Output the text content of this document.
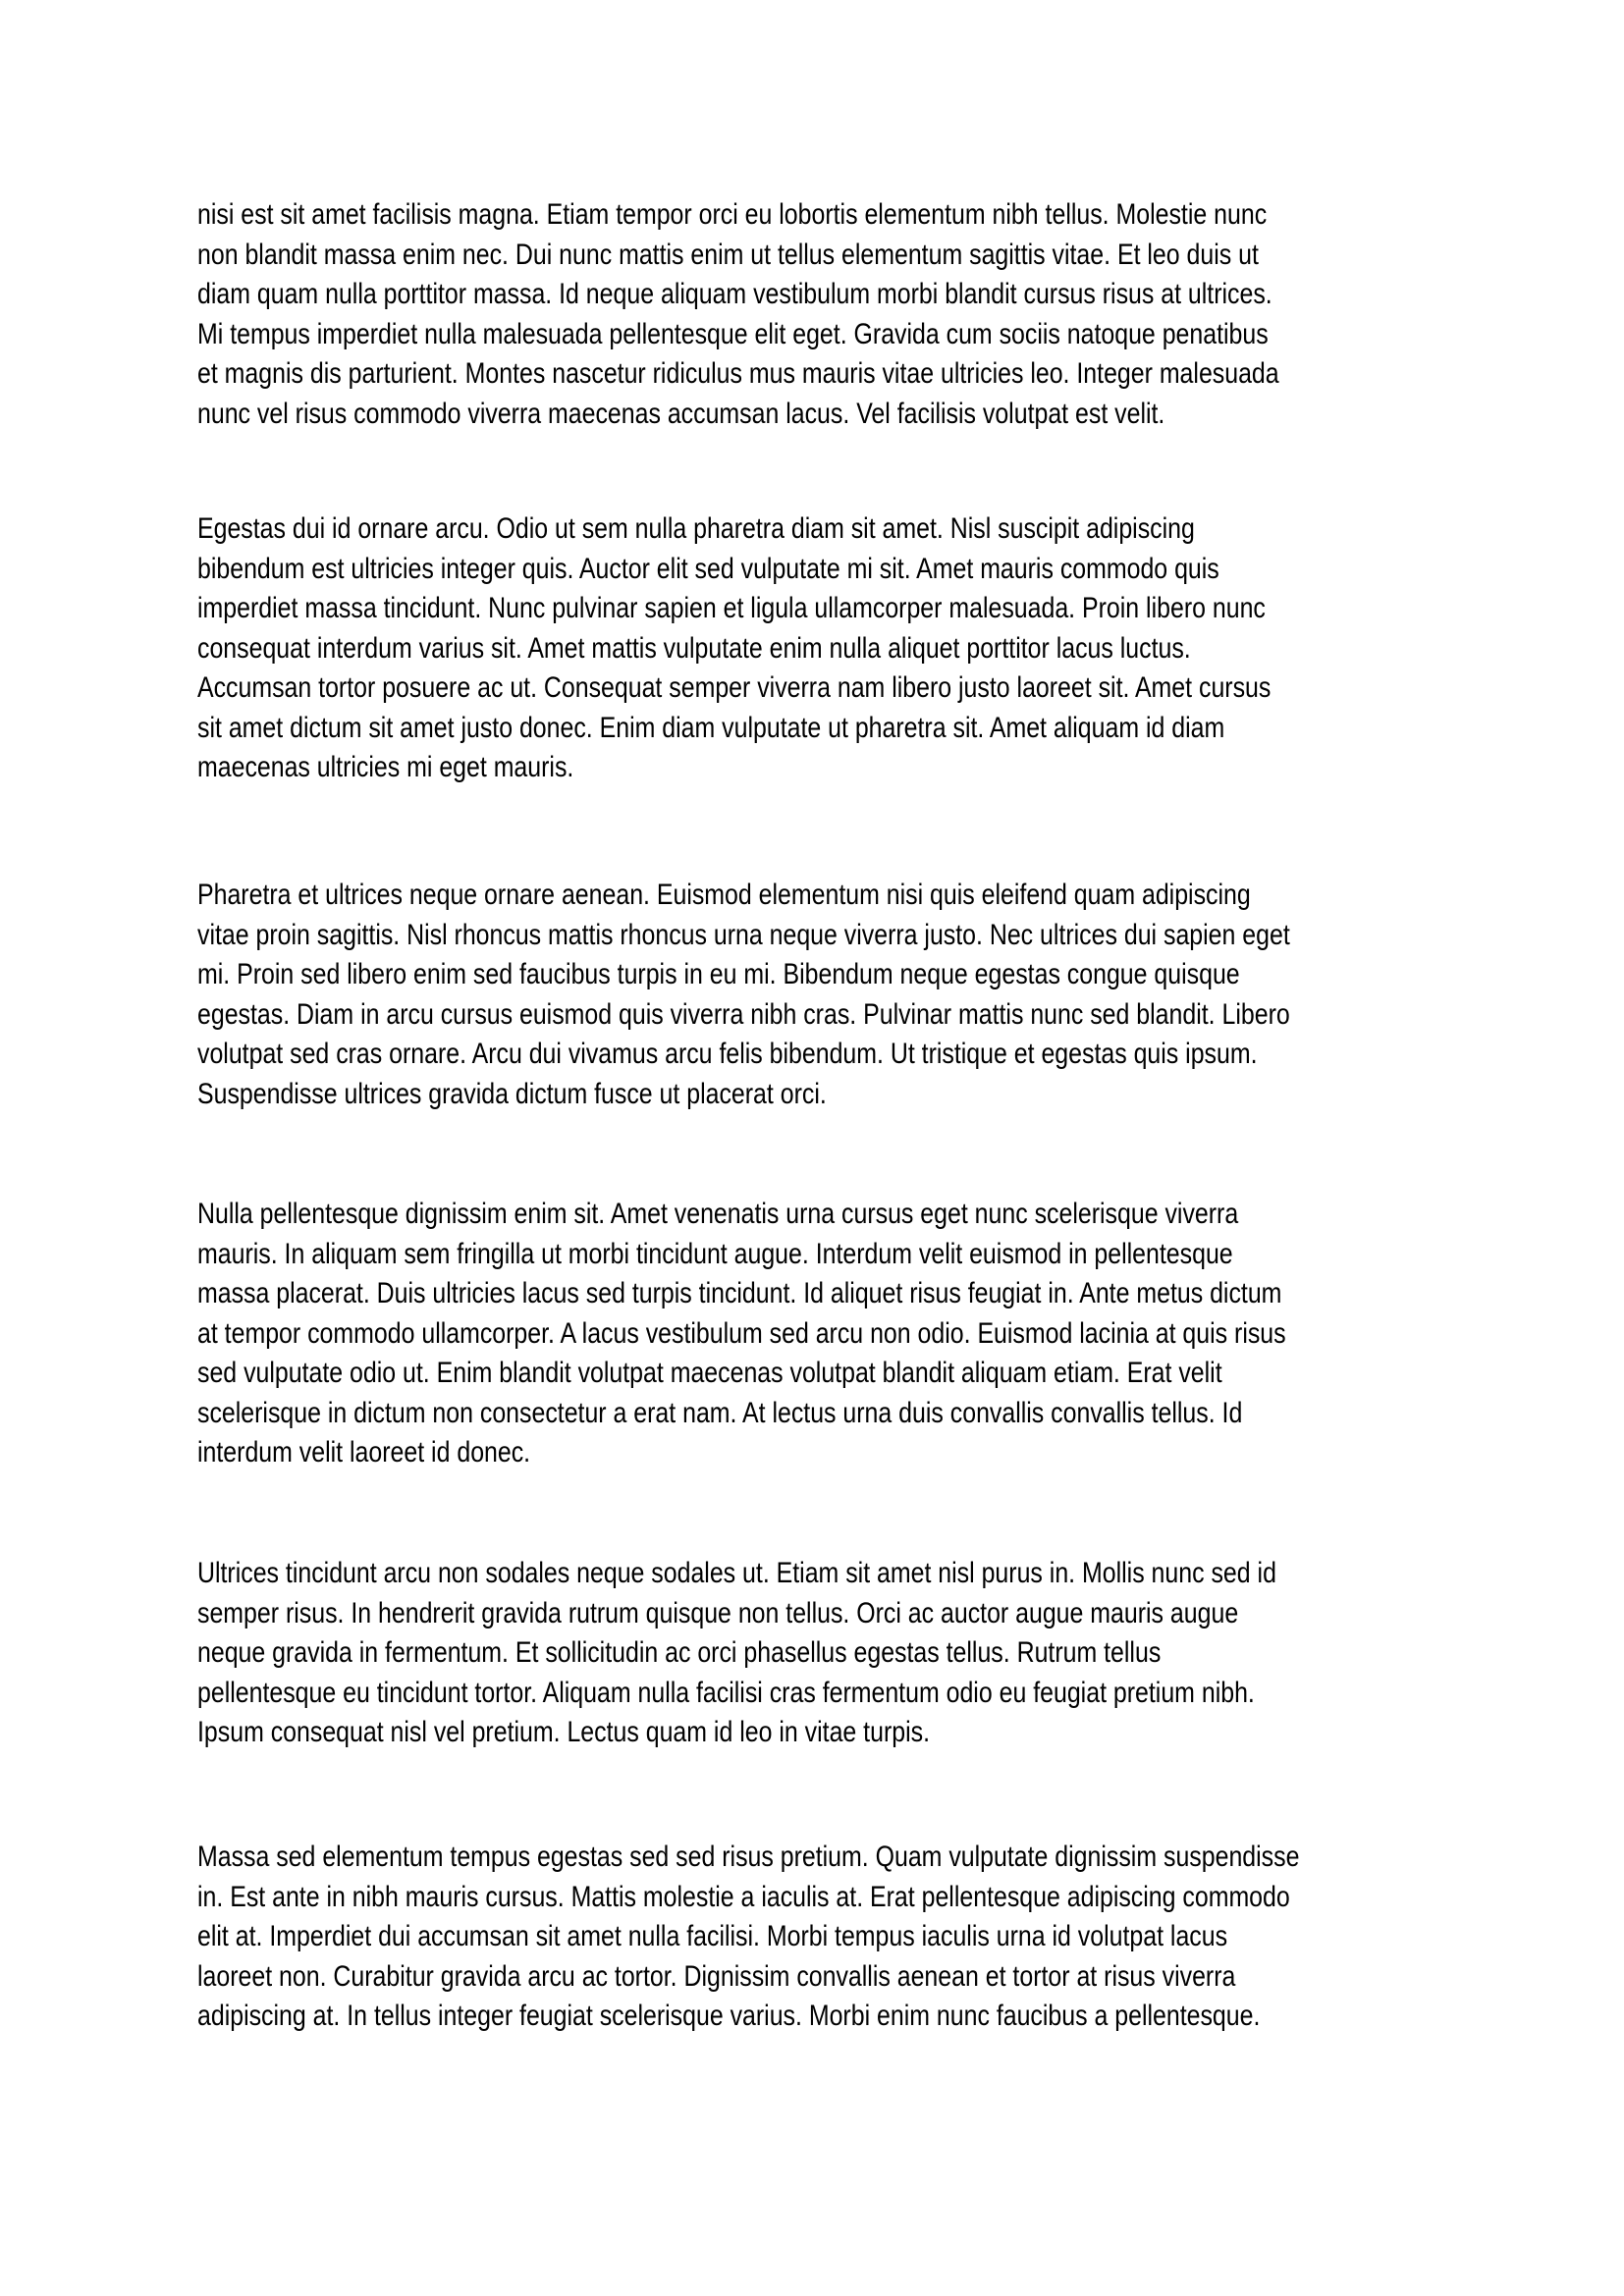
nisi est sit amet facilisis magna. Etiam tempor orci eu lobortis elementum nibh tellus. Molestie nunc
non blandit massa enim nec. Dui nunc mattis enim ut tellus elementum sagittis vitae. Et leo duis ut
diam quam nulla porttitor massa. Id neque aliquam vestibulum morbi blandit cursus risus at ultrices.
Mi tempus imperdiet nulla malesuada pellentesque elit eget. Gravida cum sociis natoque penatibus
et magnis dis parturient. Montes nascetur ridiculus mus mauris vitae ultricies leo. Integer malesuada
nunc vel risus commodo viverra maecenas accumsan lacus. Vel facilisis volutpat est velit.

Egestas dui id ornare arcu. Odio ut sem nulla pharetra diam sit amet. Nisl suscipit adipiscing
bibendum est ultricies integer quis. Auctor elit sed vulputate mi sit. Amet mauris commodo quis
imperdiet massa tincidunt. Nunc pulvinar sapien et ligula ullamcorper malesuada. Proin libero nunc
consequat interdum varius sit. Amet mattis vulputate enim nulla aliquet porttitor lacus luctus.
Accumsan tortor posuere ac ut. Consequat semper viverra nam libero justo laoreet sit. Amet cursus
sit amet dictum sit amet justo donec. Enim diam vulputate ut pharetra sit. Amet aliquam id diam
maecenas ultricies mi eget mauris.

Pharetra et ultrices neque ornare aenean. Euismod elementum nisi quis eleifend quam adipiscing
vitae proin sagittis. Nisl rhoncus mattis rhoncus urna neque viverra justo. Nec ultrices dui sapien eget
mi. Proin sed libero enim sed faucibus turpis in eu mi. Bibendum neque egestas congue quisque
egestas. Diam in arcu cursus euismod quis viverra nibh cras. Pulvinar mattis nunc sed blandit. Libero
volutpat sed cras ornare. Arcu dui vivamus arcu felis bibendum. Ut tristique et egestas quis ipsum.
Suspendisse ultrices gravida dictum fusce ut placerat orci.

Nulla pellentesque dignissim enim sit. Amet venenatis urna cursus eget nunc scelerisque viverra
mauris. In aliquam sem fringilla ut morbi tincidunt augue. Interdum velit euismod in pellentesque
massa placerat. Duis ultricies lacus sed turpis tincidunt. Id aliquet risus feugiat in. Ante metus dictum
at tempor commodo ullamcorper. A lacus vestibulum sed arcu non odio. Euismod lacinia at quis risus
sed vulputate odio ut. Enim blandit volutpat maecenas volutpat blandit aliquam etiam. Erat velit
scelerisque in dictum non consectetur a erat nam. At lectus urna duis convallis convallis tellus. Id
interdum velit laoreet id donec.

Ultrices tincidunt arcu non sodales neque sodales ut. Etiam sit amet nisl purus in. Mollis nunc sed id
semper risus. In hendrerit gravida rutrum quisque non tellus. Orci ac auctor augue mauris augue
neque gravida in fermentum. Et sollicitudin ac orci phasellus egestas tellus. Rutrum tellus
pellentesque eu tincidunt tortor. Aliquam nulla facilisi cras fermentum odio eu feugiat pretium nibh.
Ipsum consequat nisl vel pretium. Lectus quam id leo in vitae turpis.

Massa sed elementum tempus egestas sed sed risus pretium. Quam vulputate dignissim suspendisse
in. Est ante in nibh mauris cursus. Mattis molestie a iaculis at. Erat pellentesque adipiscing commodo
elit at. Imperdiet dui accumsan sit amet nulla facilisi. Morbi tempus iaculis urna id volutpat lacus
laoreet non. Curabitur gravida arcu ac tortor. Dignissim convallis aenean et tortor at risus viverra
adipiscing at. In tellus integer feugiat scelerisque varius. Morbi enim nunc faucibus a pellentesque.
